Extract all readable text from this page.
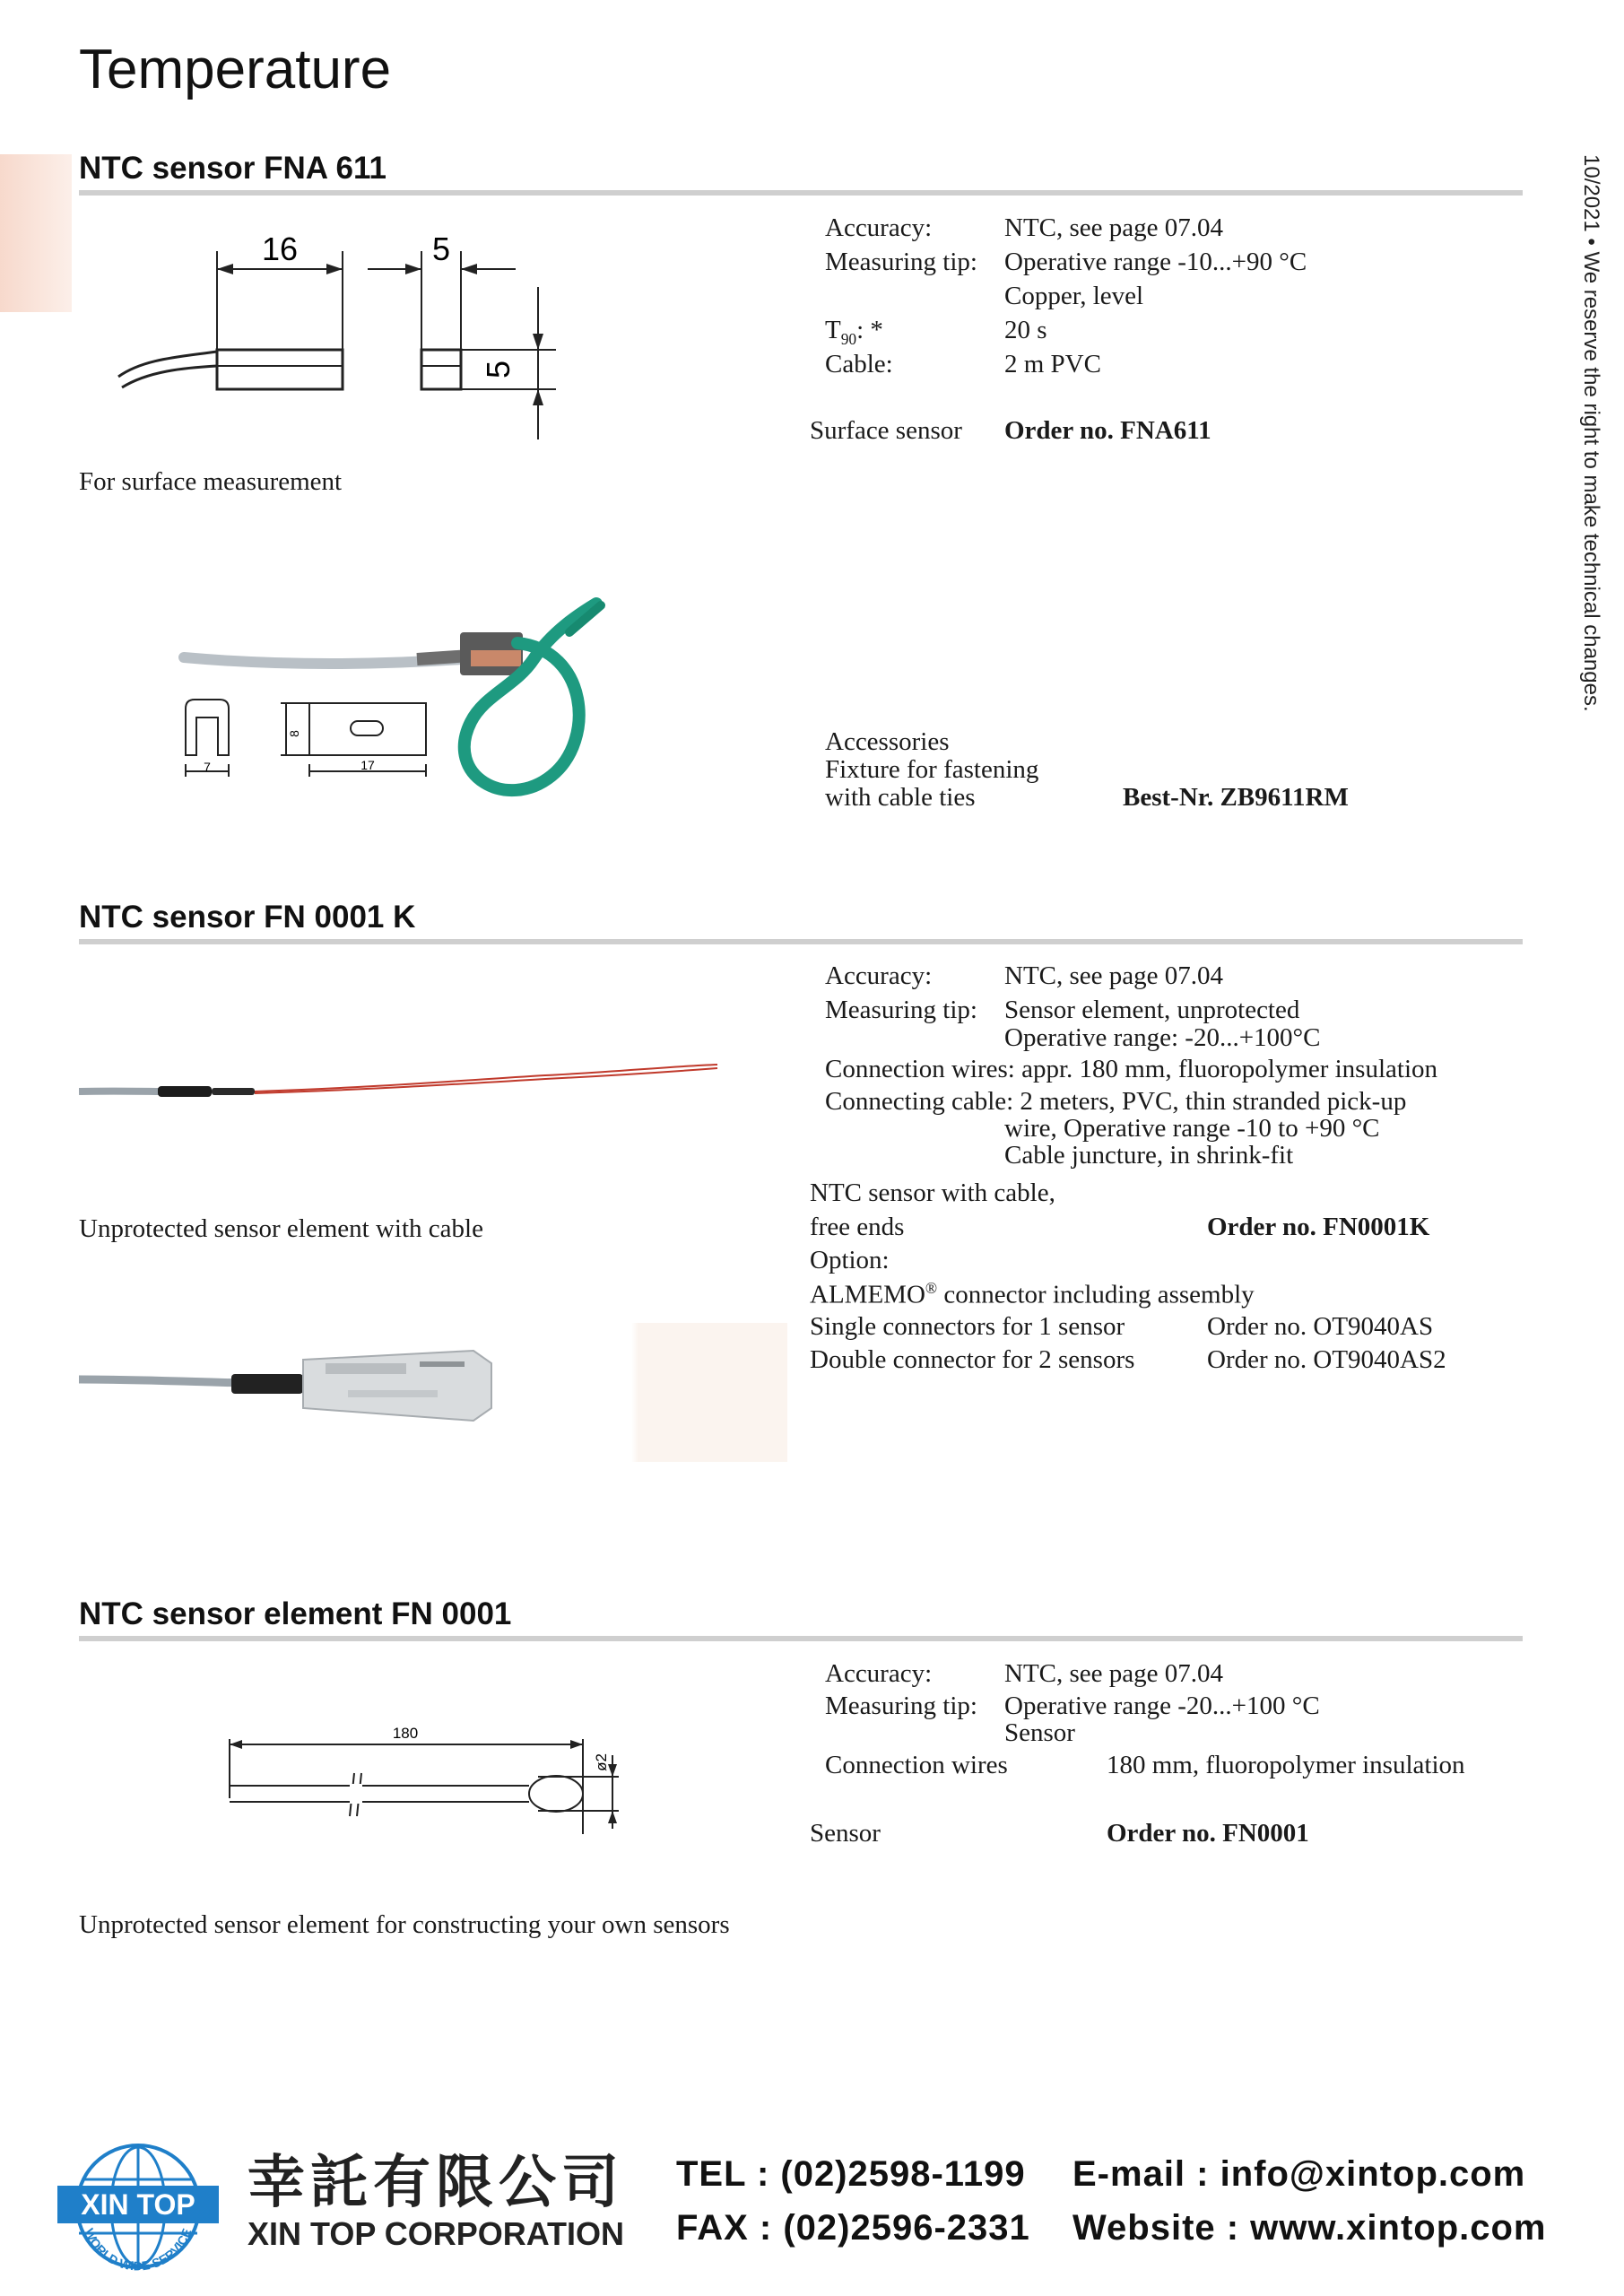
Temperature
10/2021 • We reserve the right to make technical changes.
NTC sensor FNA 611
16	5
5
For surface measurement
Accuracy:	NTC, see page 07.04
Measuring tip: Operative range -10...+90 °C
Copper, level
$T_{90}$: *	20 s
Cable:	2 m PVC
Surface sensor Order no. FNA611
7
8
17
Accessories
Fixture for fastening
with cable ties	Best-Nr. ZB9611RM
NTC sensor FN 0001 K
Unprotected sensor element with cable
Accuracy:	NTC, see page 07.04
Measuring tip: Sensor element, unprotected
Operative range: -20...+100°C
Connection wires: appr. 180 mm, fluoropolymer insulation
Connecting cable: 2 meters, PVC, thin stranded pick-up
wire, Operative range -10 to +90 °C
Cable juncture, in shrink-fit
NTC sensor with cable,
free ends	Order no. FN0001K
Option:
ALMEMO® connector including assembly
Single connectors for 1 sensor	Order no. OT9040AS
Double connector for 2 sensors	Order no. OT9040AS2
NTC sensor element FN 0001
180
ø2
Unprotected sensor element for constructing your own sensors
Accuracy:	NTC, see page 07.04
Measuring tip: Operative range -20...+100 °C
Sensor
Connection wires	180 mm, fluoropolymer insulation
Sensor	Order no. FN0001
XIN TOP
WORLD WIDE SERVICE
幸託有限公司
XIN TOP CORPORATION
TEL : (02)2598-1199
FAX : (02)2596-2331
E-mail : info@xintop.com
Website : www.xintop.com
